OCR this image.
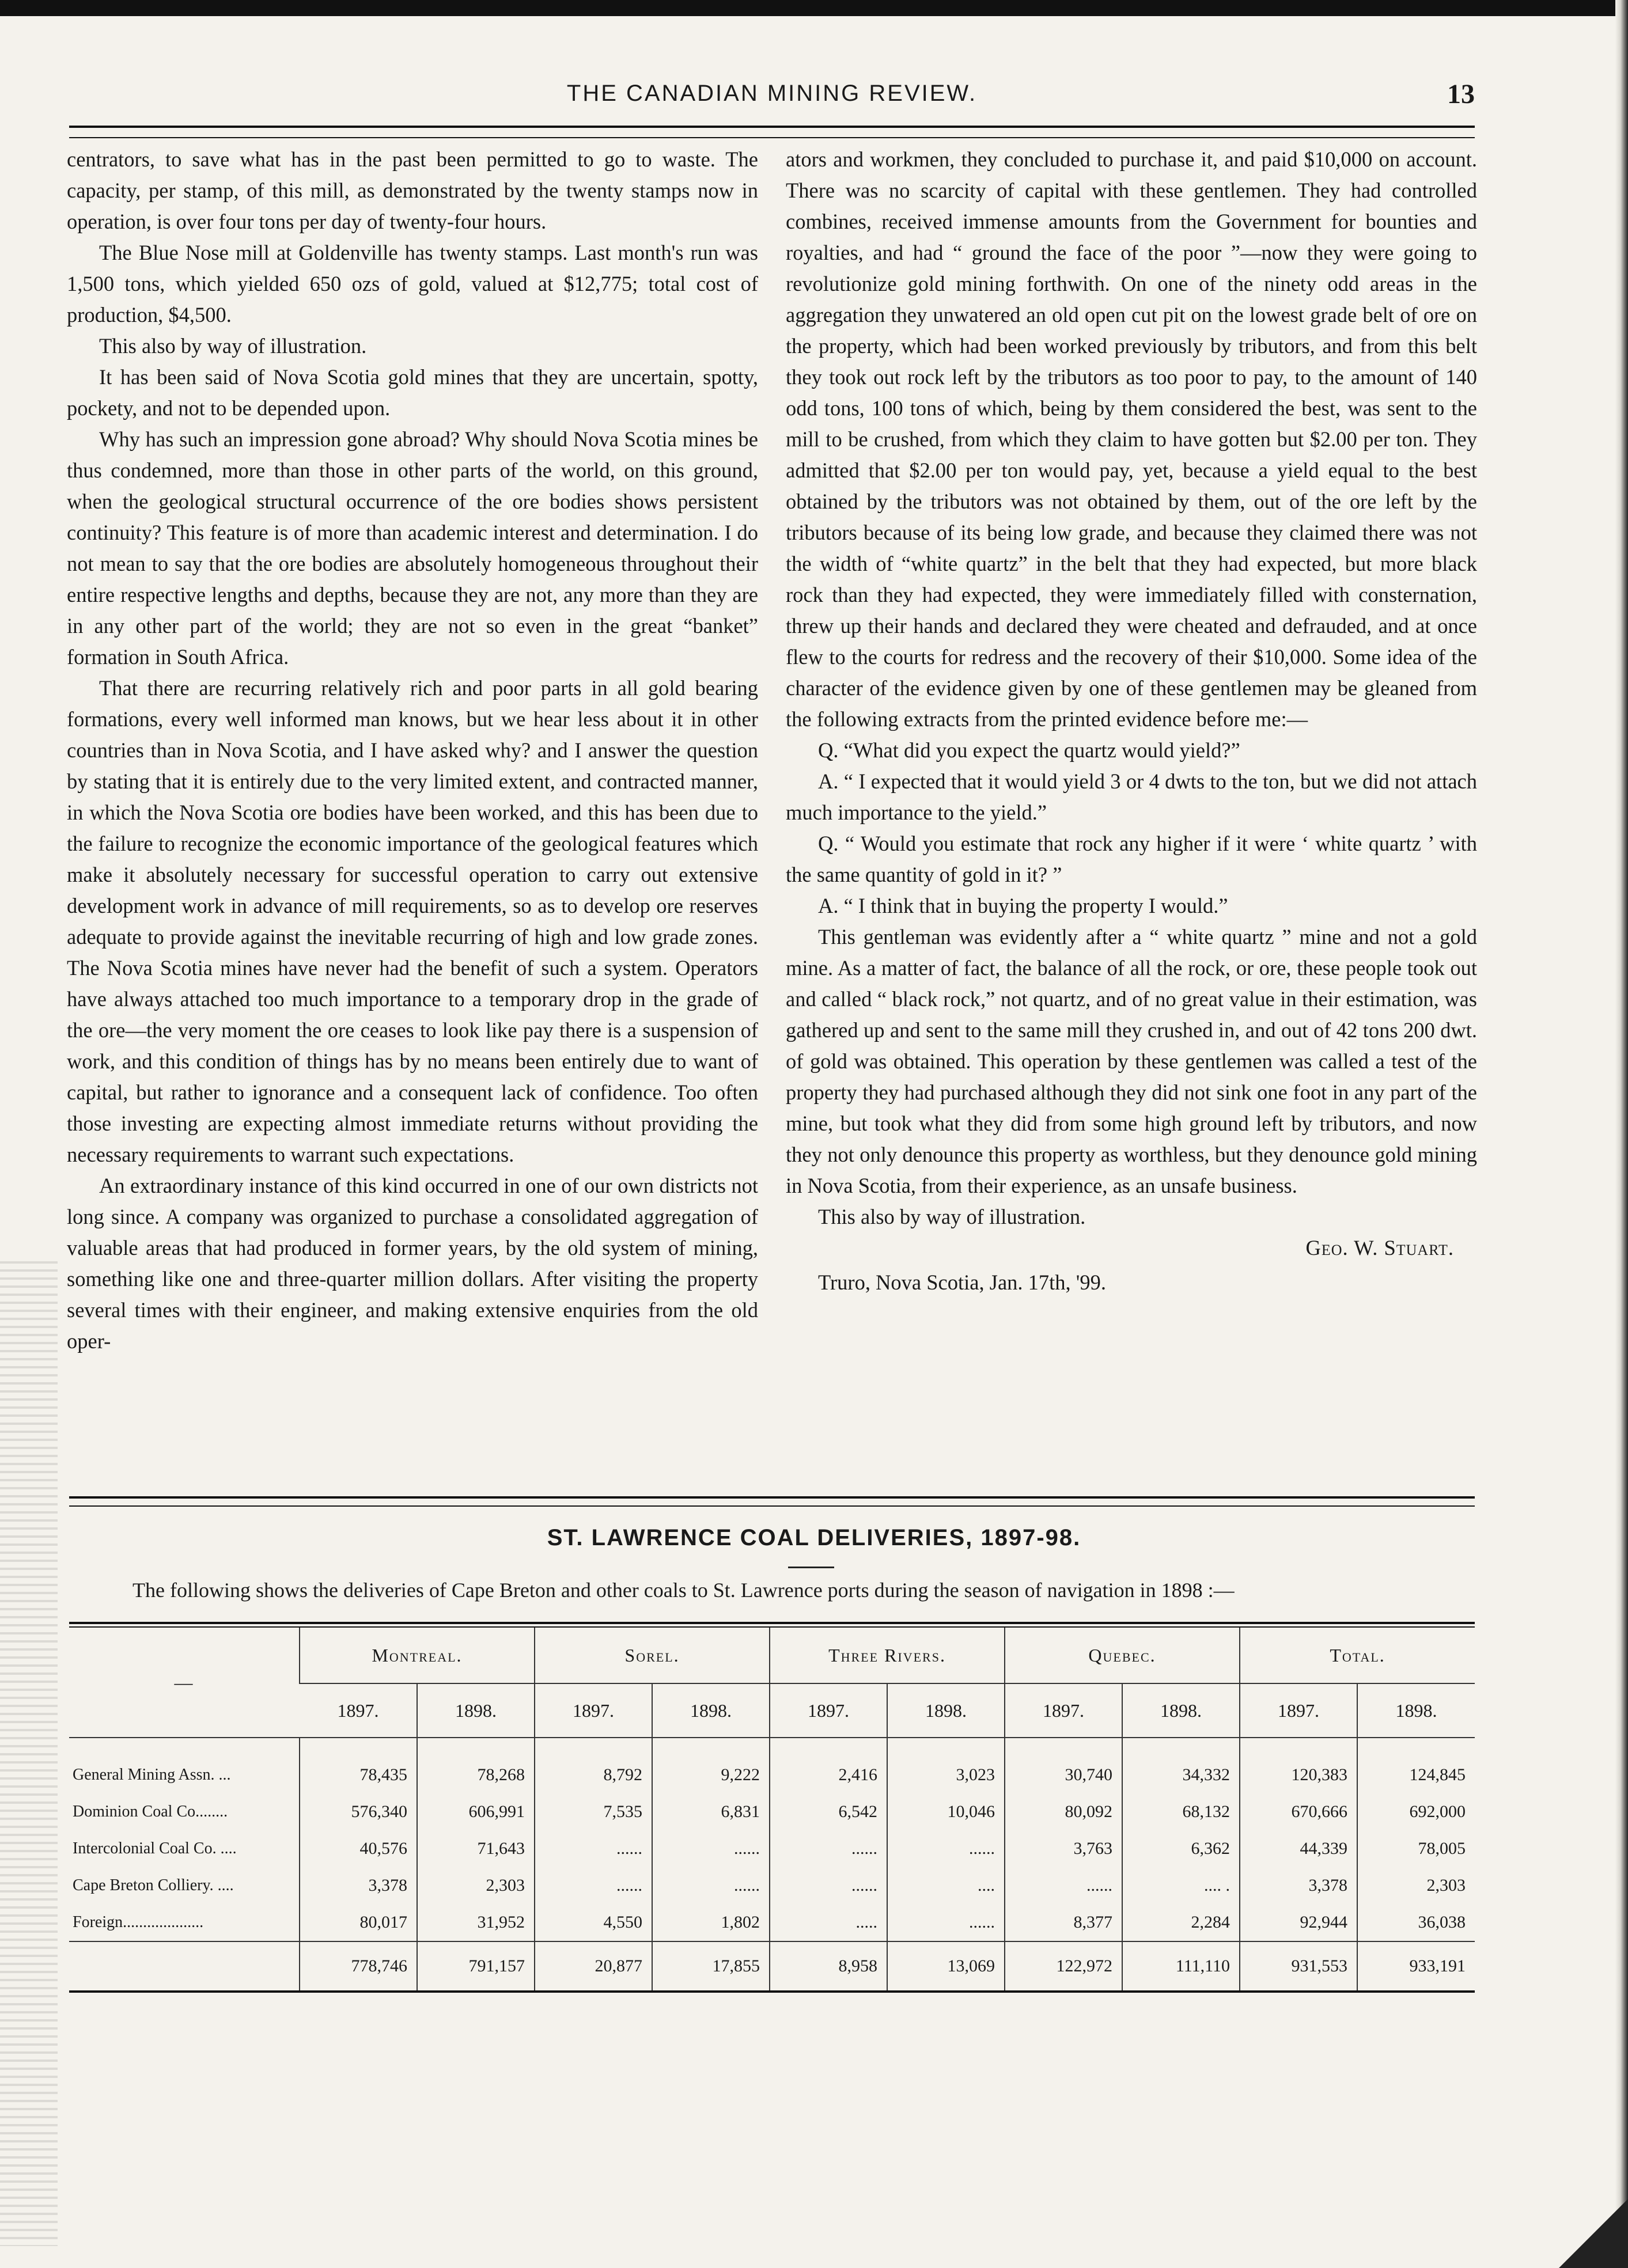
THE CANADIAN MINING REVIEW.	13

centrators, to save what has in the past been permitted to go to waste. The capacity, per stamp, of this mill, as demonstrated by the twenty stamps now in operation, is over four tons per day of twenty-four hours.

The Blue Nose mill at Goldenville has twenty stamps. Last month's run was 1,500 tons, which yielded 650 ozs of gold, valued at $12,775; total cost of production, $4,500.

This also by way of illustration.

It has been said of Nova Scotia gold mines that they are uncertain, spotty, pockety, and not to be depended upon.

Why has such an impression gone abroad? Why should Nova Scotia mines be thus condemned, more than those in other parts of the world, on this ground, when the geological structural occurrence of the ore bodies shows persistent continuity? This feature is of more than academic interest and determination. I do not mean to say that the ore bodies are absolutely homogeneous throughout their entire respective lengths and depths, because they are not, any more than they are in any other part of the world; they are not so even in the great “banket” formation in South Africa.

That there are recurring relatively rich and poor parts in all gold bearing formations, every well informed man knows, but we hear less about it in other countries than in Nova Scotia, and I have asked why? and I answer the question by stating that it is entirely due to the very limited extent, and contracted manner, in which the Nova Scotia ore bodies have been worked, and this has been due to the failure to recognize the economic importance of the geological features which make it absolutely necessary for successful operation to carry out extensive development work in advance of mill requirements, so as to develop ore reserves adequate to provide against the inevitable recurring of high and low grade zones. The Nova Scotia mines have never had the benefit of such a system. Operators have always attached too much importance to a temporary drop in the grade of the ore—the very moment the ore ceases to look like pay there is a suspension of work, and this condition of things has by no means been entirely due to want of capital, but rather to ignorance and a consequent lack of confidence. Too often those investing are expecting almost immediate returns without providing the necessary requirements to warrant such expectations.

An extraordinary instance of this kind occurred in one of our own districts not long since. A company was organized to purchase a consolidated aggregation of valuable areas that had produced in former years, by the old system of mining, something like one and three-quarter million dollars. After visiting the property several times with their engineer, and making extensive enquiries from the old oper-

ators and workmen, they concluded to purchase it, and paid $10,000 on account. There was no scarcity of capital with these gentlemen. They had controlled combines, received immense amounts from the Government for bounties and royalties, and had “ ground the face of the poor ”—now they were going to revolutionize gold mining forthwith. On one of the ninety odd areas in the aggregation they unwatered an old open cut pit on the lowest grade belt of ore on the property, which had been worked previously by tributors, and from this belt they took out rock left by the tributors as too poor to pay, to the amount of 140 odd tons, 100 tons of which, being by them considered the best, was sent to the mill to be crushed, from which they claim to have gotten but $2.00 per ton. They admitted that $2.00 per ton would pay, yet, because a yield equal to the best obtained by the tributors was not obtained by them, out of the ore left by the tributors because of its being low grade, and because they claimed there was not the width of “white quartz” in the belt that they had expected, but more black rock than they had expected, they were immediately filled with consternation, threw up their hands and declared they were cheated and defrauded, and at once flew to the courts for redress and the recovery of their $10,000. Some idea of the character of the evidence given by one of these gentlemen may be gleaned from the following extracts from the printed evidence before me:—

Q. “What did you expect the quartz would yield?”

A. “ I expected that it would yield 3 or 4 dwts to the ton, but we did not attach much importance to the yield.”

Q. “ Would you estimate that rock any higher if it were ‘ white quartz ’ with the same quantity of gold in it? ”

A. “ I think that in buying the property I would.”

This gentleman was evidently after a “ white quartz ” mine and not a gold mine. As a matter of fact, the balance of all the rock, or ore, these people took out and called “ black rock,” not quartz, and of no great value in their estimation, was gathered up and sent to the same mill they crushed in, and out of 42 tons 200 dwt. of gold was obtained. This operation by these gentlemen was called a test of the property they had purchased although they did not sink one foot in any part of the mine, but took what they did from some high ground left by tributors, and now they not only denounce this property as worthless, but they denounce gold mining in Nova Scotia, from their experience, as an unsafe business.

This also by way of illustration.

Geo. W. Stuart.

Truro, Nova Scotia, Jan. 17th, '99.

ST. LAWRENCE COAL DELIVERIES, 1897-98.
The following shows the deliveries of Cape Breton and other coals to St. Lawrence ports during the season of navigation in 1898 :—
—	Montreal.		Sorel.		Three Rivers.		Quebec.		Total.	
	1897.	1898.	1897.	1898.	1897.	1898.	1897.	1898.	1897.	1898.

General Mining Assn. ...	78,435	78,268	8,792	9,222	2,416	3,023	30,740	34,332	120,383	124,845
Dominion Coal Co........	576,340	606,991	7,535	6,831	6,542	10,046	80,092	68,132	670,666	692,000
Intercolonial Coal Co. ....	40,576	71,643	......	......	......	......	3,763	6,362	44,339	78,005
Cape Breton Colliery. ....	3,378	2,303	......	......	......	....	......	.... .	3,378	2,303
Foreign....................	80,017	31,952	4,550	1,802	.....	......	8,377	2,284	92,944	36,038
	778,746	791,157	20,877	17,855	8,958	13,069	122,972	111,110	931,553	933,191
